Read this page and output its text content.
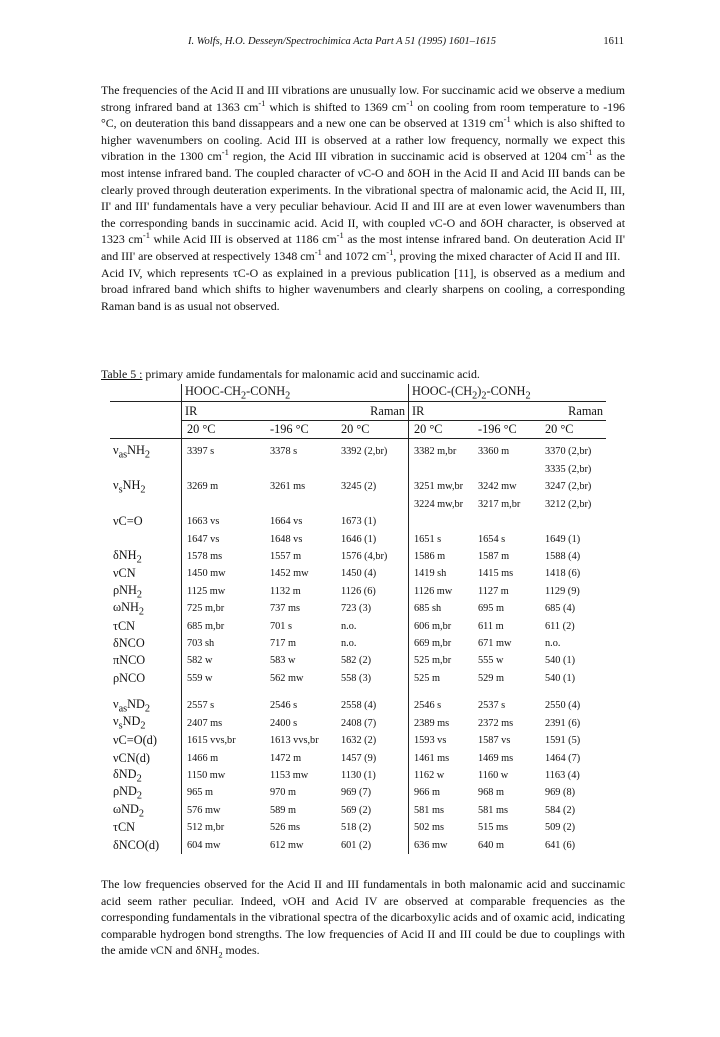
I. Wolfs, H.O. Desseyn/Spectrochimica Acta Part A 51 (1995) 1601–1615	1611

The frequencies of the Acid II and III vibrations are unusually low. For succinamic acid we observe a medium strong infrared band at 1363 $cm^{-1}$ which is shifted to 1369 $cm^{-1}$ on cooling from room temperature to -196 °C, on deuteration this band dissappears and a new one can be observed at 1319 $cm^{-1}$ which is also shifted to higher wavenumbers on cooling. Acid III is observed at a rather low frequency, normally we expect this vibration in the 1300 $cm^{-1}$ region, the Acid III vibration in succinamic acid is observed at 1204 $cm^{-1}$ as the most intense infrared band. The coupled character of νC-O and δOH in the Acid II and Acid III bands can be clearly proved through deuteration experiments. In the vibrational spectra of malonamic acid, the Acid II, III, II' and III' fundamentals have a very peculiar behaviour. Acid II and III are at even lower wavenumbers than the corresponding bands in succinamic acid. Acid II, with coupled νC-O and δOH character, is observed at 1323 $cm^{-1}$ while Acid III is observed at 1186 $cm^{-1}$ as the most intense infrared band. On deuteration Acid II' and III' are observed at respectively 1348 $cm^{-1}$ and 1072 $cm^{-1}$, proving the mixed character of Acid II and III.

Acid IV, which represents τC-O as explained in a previous publication [11], is observed as a medium and broad infrared band which shifts to higher wavenumbers and clearly sharpens on cooling, a corresponding Raman band is as usual not observed.

Table 5 : primary amide fundamentals for malonamic acid and succinamic acid.
	HOOC-$CH_2-CONH_2$			HOOC-$(CH_2)_2-CONH_2$
	IR		Raman	IR		Raman
	20 °C	-196 °C	20 °C	20 °C	-196 °C	20 °C
$\nu_{as}NH_2$	3397 s	3378 s	3392 (2,br)	3382 m,br	3360 m	3370 (2,br)
						3335 (2,br)
$\nu_sNH_2$	3269 m	3261 ms	3245 (2)	3251 mw,br	3242 mw	3247 (2,br)
				3224 mw,br	3217 m,br	3212 (2,br)
νC=O	1663 vs	1664 vs	1673 (1)			
	1647 vs	1648 vs	1646 (1)	1651 s	1654 s	1649 (1)
δNH$_2$	1578 ms	1557 m	1576 (4,br)	1586 m	1587 m	1588 (4)
νCN	1450 mw	1452 mw	1450 (4)	1419 sh	1415 ms	1418 (6)
ρNH$_2$	1125 mw	1132 m	1126 (6)	1126 mw	1127 m	1129 (9)
ωNH$_2$	725 m,br	737 ms	723 (3)	685 sh	695 m	685 (4)
τCN	685 m,br	701 s	n.o.	606 m,br	611 m	611 (2)
δNCO	703 sh	717 m	n.o.	669 m,br	671 mw	n.o.
πNCO	582 w	583 w	582 (2)	525 m,br	555 w	540 (1)
ρNCO	559 w	562 mw	558 (3)	525 m	529 m	540 (1)

$\nu_{as}ND_2$	2557 s	2546 s	2558 (4)	2546 s	2537 s	2550 (4)
$\nu_sND_2$	2407 ms	2400 s	2408 (7)	2389 ms	2372 ms	2391 (6)
νC=O(d)	1615 vvs,br	1613 vvs,br	1632 (2)	1593 vs	1587 vs	1591 (5)
νCN(d)	1466 m	1472 m	1457 (9)	1461 ms	1469 ms	1464 (7)
δND$_2$	1150 mw	1153 mw	1130 (1)	1162 w	1160 w	1163 (4)
ρND$_2$	965 m	970 m	969 (7)	966 m	968 m	969 (8)
ωND$_2$	576 mw	589 m	569 (2)	581 ms	581 ms	584 (2)
τCN	512 m,br	526 ms	518 (2)	502 ms	515 ms	509 (2)
δNCO(d)	604 mw	612 mw	601 (2)	636 mw	640 m	641 (6)

The low frequencies observed for the Acid II and III fundamentals in both malonamic acid and succinamic acid seem rather peculiar. Indeed, νOH and Acid IV are observed at comparable frequencies as the corresponding fundamentals in the vibrational spectra of the dicarboxylic acids and of oxamic acid, indicating comparable hydrogen bond strengths. The low frequencies of Acid II and III could be due to couplings with the amide νCN and δNH$_2$ modes.
